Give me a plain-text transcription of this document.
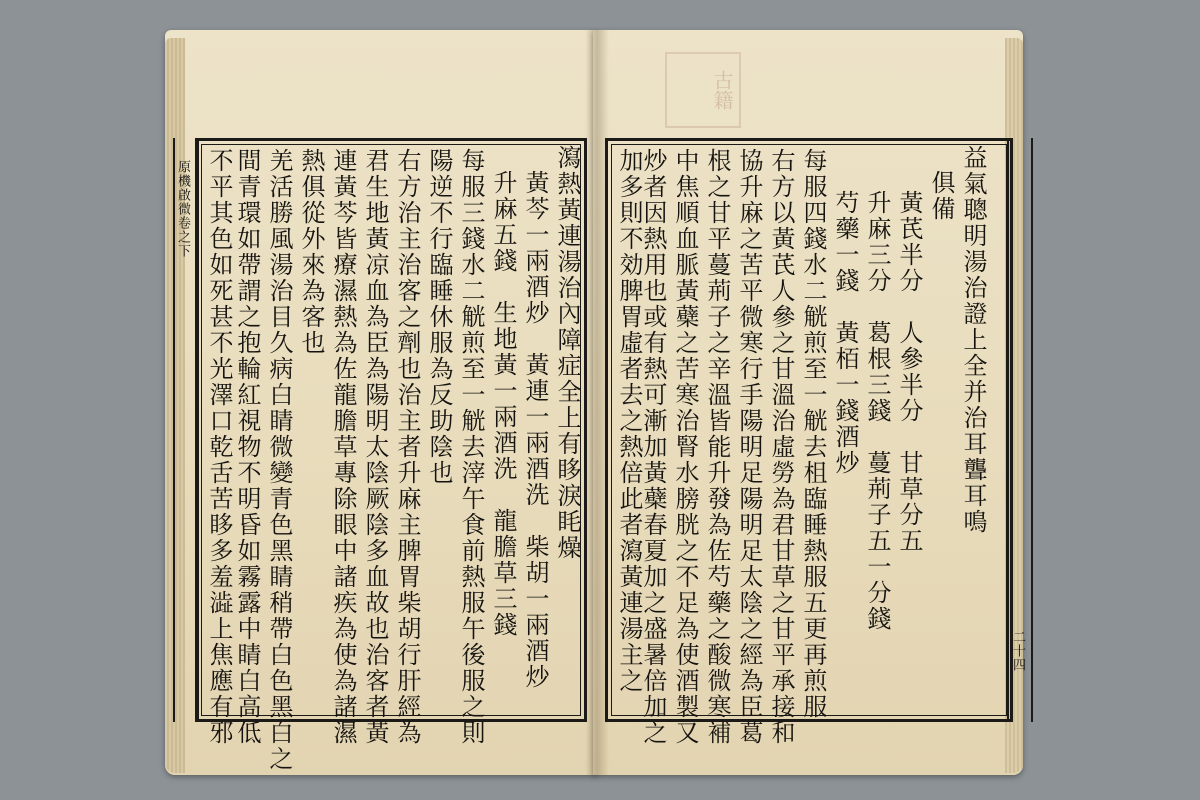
古籍
原機啟微卷之下
二十四
益氣聰明湯治證上全并治耳聾耳鳴
俱備
黃芪半分　人參半分　甘草分五
升麻三分　葛根三錢　蔓荊子五一分錢
芍藥一錢　黃栢一錢酒炒
每服四錢水二觥煎至一觥去柤臨睡熱服五更再煎服
右方以黃芪人參之甘溫治虛勞為君甘草之甘平承接和
協升麻之苦平微寒行手陽明足陽明足太陰之經為臣葛
根之甘平蔓荊子之辛溫皆能升發為佐芍藥之酸微寒補
中焦順血脈黃蘗之苦寒治腎水膀胱之不足為使酒製又
炒者因熱用也或有熱可漸加黃蘗春夏加之盛暑倍加之
加多則不効脾胃虛者去之熱倍此者瀉黃連湯主之
瀉熱黃連湯治內障症全上有眵淚眊燥
黃芩一兩酒炒　黃連一兩酒洗　柴胡一兩酒炒
升麻五錢　生地黃一兩酒洗　龍膽草三錢
每服三錢水二觥煎至一觥去滓午食前熱服午後服之則
陽逆不行臨睡休服為反助陰也
右方治主治客之劑也治主者升麻主脾胃柴胡行肝經為
君生地黃凉血為臣為陽明太陰厥陰多血故也治客者黃
連黃芩皆療濕熱為佐龍膽草專除眼中諸疾為使為諸濕
熱俱從外來為客也
羌活勝風湯治目久病白睛微變青色黑睛稍帶白色黑白之
間青環如帶謂之抱輪紅視物不明昏如霧露中睛白高低
不平其色如死甚不光澤口乾舌苦眵多羞澁上焦應有邪
